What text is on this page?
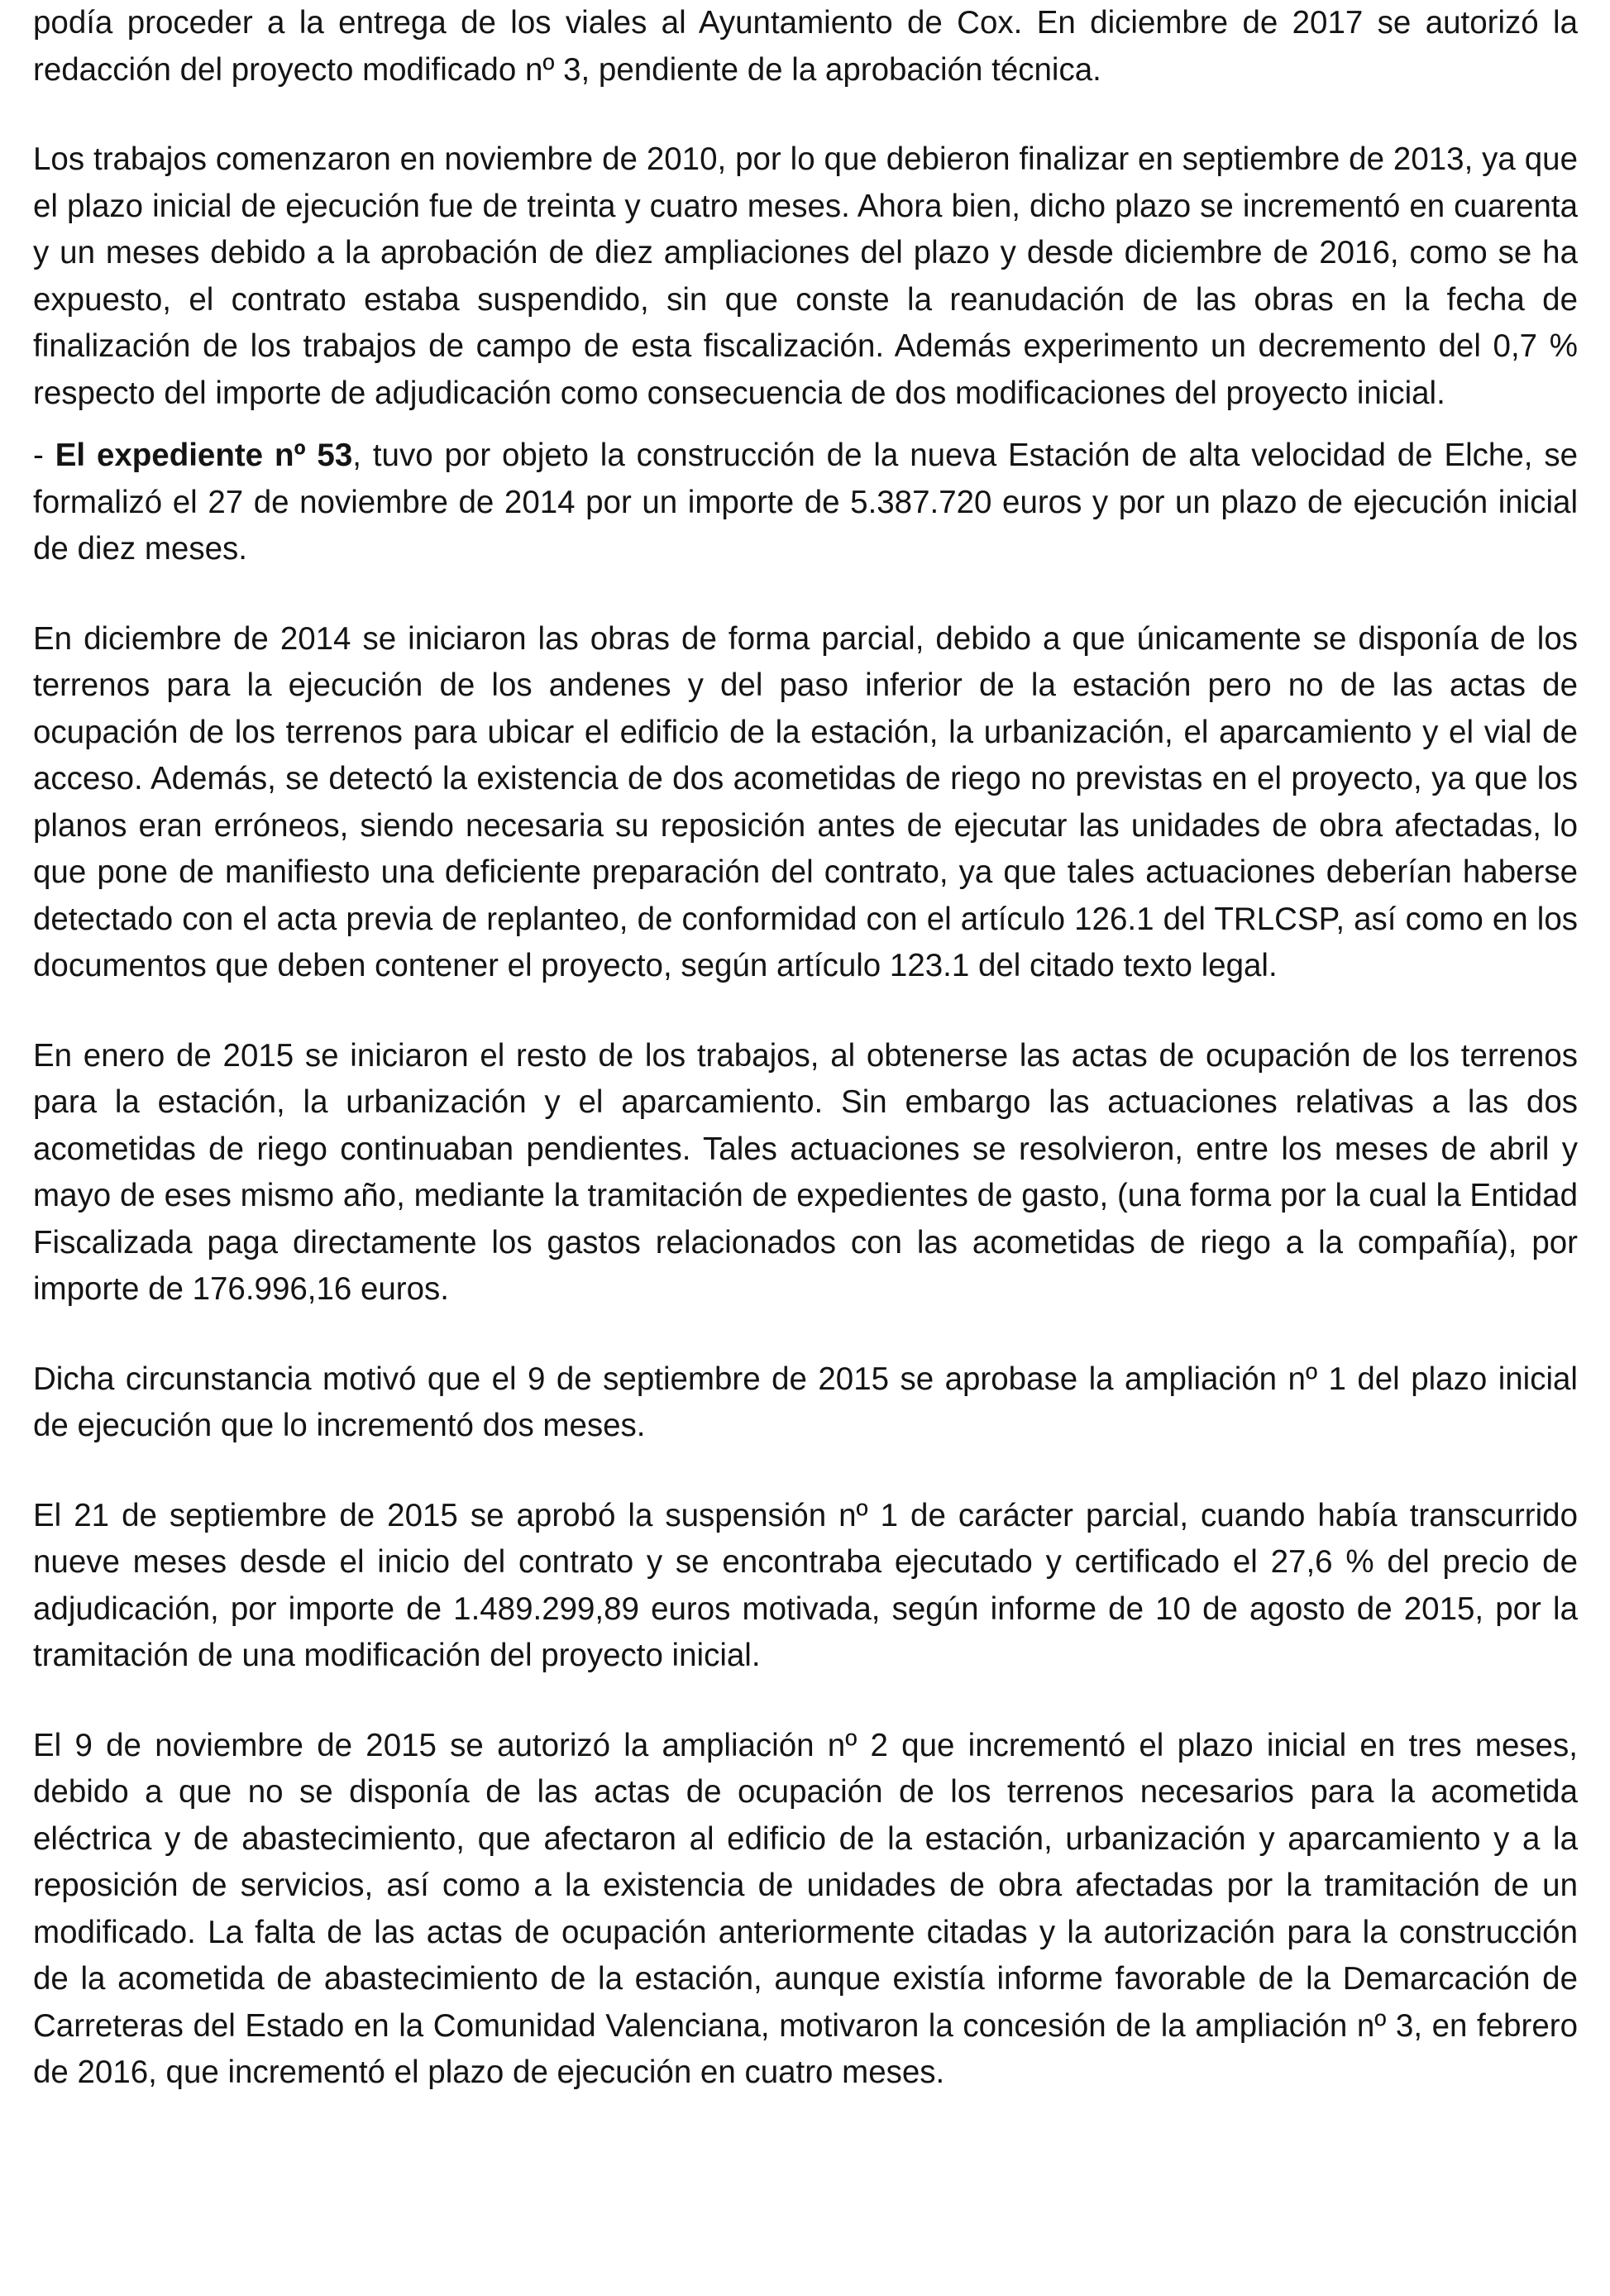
podía proceder a la entrega de los viales al Ayuntamiento de Cox. En diciembre de 2017 se autorizó la redacción del proyecto modificado nº 3, pendiente de la aprobación técnica.

Los trabajos comenzaron en noviembre de 2010, por lo que debieron finalizar en septiembre de 2013, ya que el plazo inicial de ejecución fue de treinta y cuatro meses. Ahora bien, dicho plazo se incrementó en cuarenta y un meses debido a la aprobación de diez ampliaciones del plazo y desde diciembre de 2016, como se ha expuesto, el contrato estaba suspendido, sin que conste la reanudación de las obras en la fecha de finalización de los trabajos de campo de esta fiscalización. Además experimento un decremento del 0,7 % respecto del importe de adjudicación como consecuencia de dos modificaciones del proyecto inicial.

- El expediente nº 53, tuvo por objeto la construcción de la nueva Estación de alta velocidad de Elche, se formalizó el 27 de noviembre de 2014 por un importe de 5.387.720 euros y por un plazo de ejecución inicial de diez meses.

En diciembre de 2014 se iniciaron las obras de forma parcial, debido a que únicamente se disponía de los terrenos para la ejecución de los andenes y del paso inferior de la estación pero no de las actas de ocupación de los terrenos para ubicar el edificio de la estación, la urbanización, el aparcamiento y el vial de acceso. Además, se detectó la existencia de dos acometidas de riego no previstas en el proyecto, ya que los planos eran erróneos, siendo necesaria su reposición antes de ejecutar las unidades de obra afectadas, lo que pone de manifiesto una deficiente preparación del contrato, ya que tales actuaciones deberían haberse detectado con el acta previa de replanteo, de conformidad con el artículo 126.1 del TRLCSP, así como en los documentos que deben contener el proyecto, según artículo 123.1 del citado texto legal.

En enero de 2015 se iniciaron el resto de los trabajos, al obtenerse las actas de ocupación de los terrenos para la estación, la urbanización y el aparcamiento. Sin embargo las actuaciones relativas a las dos acometidas de riego continuaban pendientes. Tales actuaciones se resolvieron, entre los meses de abril y mayo de eses mismo año, mediante la tramitación de expedientes de gasto, (una forma por la cual la Entidad Fiscalizada paga directamente los gastos relacionados con las acometidas de riego a la compañía), por importe de 176.996,16 euros.

Dicha circunstancia motivó que el 9 de septiembre de 2015 se aprobase la ampliación nº 1 del plazo inicial de ejecución que lo incrementó dos meses.

El 21 de septiembre de 2015 se aprobó la suspensión nº 1 de carácter parcial, cuando había transcurrido nueve meses desde el inicio del contrato y se encontraba ejecutado y certificado el 27,6 % del precio de adjudicación, por importe de 1.489.299,89 euros motivada, según informe de 10 de agosto de 2015, por la tramitación de una modificación del proyecto inicial.

El 9 de noviembre de 2015 se autorizó la ampliación nº 2 que incrementó el plazo inicial en tres meses, debido a que no se disponía de las actas de ocupación de los terrenos necesarios para la acometida eléctrica y de abastecimiento, que afectaron al edificio de la estación, urbanización y aparcamiento y a la reposición de servicios, así como a la existencia de unidades de obra afectadas por la tramitación de un modificado. La falta de las actas de ocupación anteriormente citadas y la autorización para la construcción de la acometida de abastecimiento de la estación, aunque existía informe favorable de la Demarcación de Carreteras del Estado en la Comunidad Valenciana, motivaron la concesión de la ampliación nº 3, en febrero de 2016, que incrementó el plazo de ejecución en cuatro meses.
